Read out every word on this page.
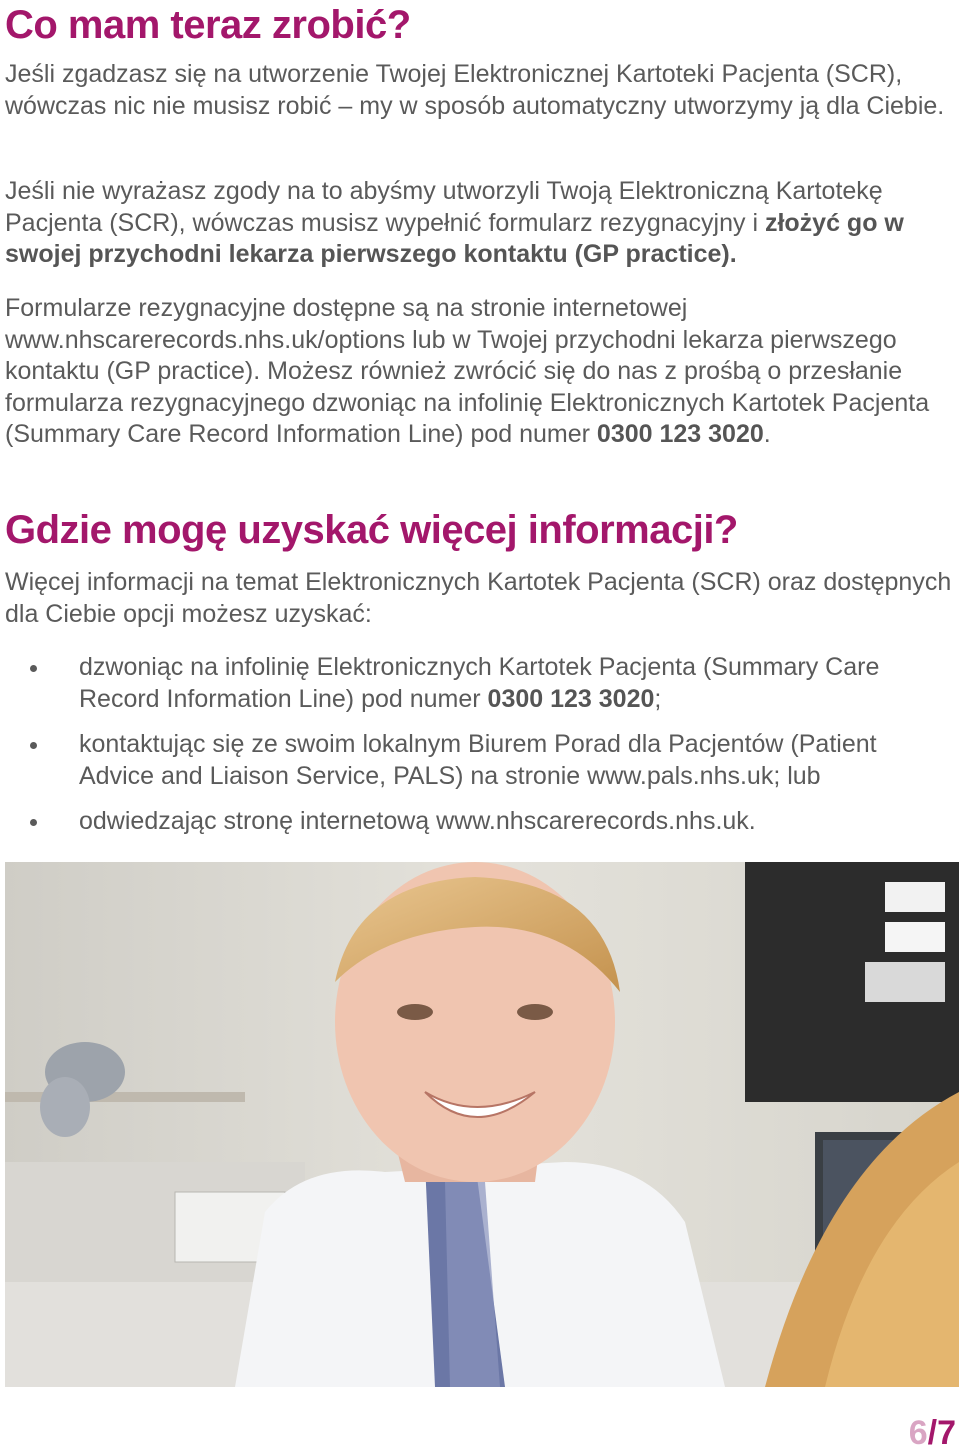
Co mam teraz zrobić?

Jeśli zgadzasz się na utworzenie Twojej Elektronicznej Kartoteki Pacjenta (SCR), wówczas nic nie musisz robić – my w sposób automatyczny utworzymy ją dla Ciebie.

Jeśli nie wyrażasz zgody na to abyśmy utworzyli Twoją Elektroniczną Kartotekę Pacjenta (SCR), wówczas musisz wypełnić formularz rezygnacyjny i złożyć go w swojej przychodni lekarza pierwszego kontaktu (GP practice).

Formularze rezygnacyjne dostępne są na stronie internetowej www.nhscarerecords.nhs.uk/options lub w Twojej przychodni lekarza pierwszego kontaktu (GP practice). Możesz również zwrócić się do nas z prośbą o przesłanie formularza rezygnacyjnego dzwoniąc na infolinię Elektronicznych Kartotek Pacjenta (Summary Care Record Information Line) pod numer 0300 123 3020.

Gdzie mogę uzyskać więcej informacji?

Więcej informacji na temat Elektronicznych Kartotek Pacjenta (SCR) oraz dostępnych dla Ciebie opcji możesz uzyskać:

dzwoniąc na infolinię Elektronicznych Kartotek Pacjenta (Summary Care Record Information Line) pod numer 0300 123 3020;
kontaktując się ze swoim lokalnym Biurem Porad dla Pacjentów (Patient Advice and Liaison Service, PALS) na stronie www.pals.nhs.uk; lub
odwiedzając stronę internetową www.nhscarerecords.nhs.uk.
6/7
